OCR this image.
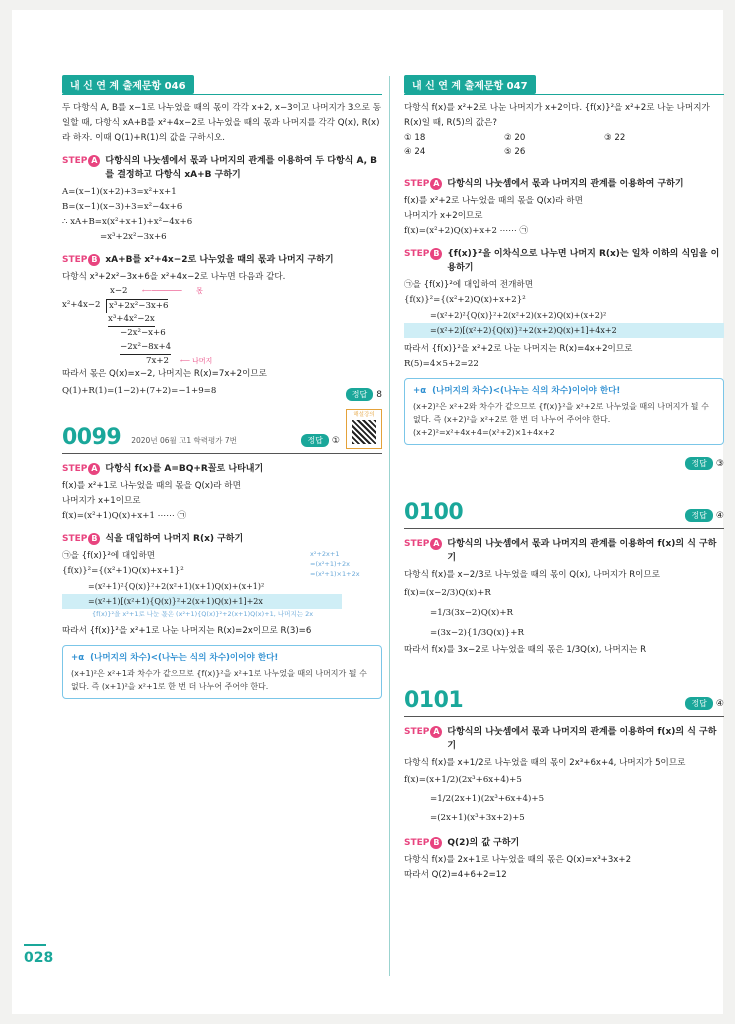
내 신 연 계 출제문항 046

두 다항식 A, B를 x−1로 나누었을 때의 몫이 각각 x+2, x−3이고 나머지가 3으로 동일할 때, 다항식 xA+B를 x²+4x−2로 나누었을 때의 몫과 나머지를 각각 Q(x), R(x)라 하자. 이때 Q(1)+R(1)의 값을 구하시오.

STEP A 다항식의 나눗셈에서 몫과 나머지의 관계를 이용하여 두 다항식 A, B를 결정하고 다항식 xA+B 구하기

A=(x−1)(x+2)+3=x²+x+1

B=(x−1)(x−3)+3=x²−4x+6

∴ xA+B=x(x²+x+1)+x²−4x+6

=x³+2x²−3x+6

STEP B xA+B를 x²+4x−2로 나누었을 때의 몫과 나머지 구하기

다항식 x³+2x²−3x+6을 x²+4x−2로 나누면 다음과 같다.

x−2 ⟵─────── 몫
x²+4x−2 x³+2x²−3x+6
x³+4x²−2x
−2x²−x+6
−2x²−8x+4
7x+2 ⟵ 나머지

따라서 몫은 Q(x)=x−2, 나머지는 R(x)=7x+2이므로

Q(1)+R(1)=(1−2)+(7+2)=−1+9=8	정답 8
0099 2020년 06월 고1 학력평가 7번	정답 ①
해설강의
STEP A 다항식 f(x)를 A=BQ+R꼴로 나타내기

f(x)를 x²+1로 나누었을 때의 몫을 Q(x)라 하면

나머지가 x+1이므로

f(x)=(x²+1)Q(x)+x+1 ⋯⋯ ㉠

STEP B 식을 대입하여 나머지 R(x) 구하기
x²+2x+1
=(x²+1)+2x
=(x²+1)×1+2x

㉠을 {f(x)}²에 대입하면

{f(x)}²={(x²+1)Q(x)+x+1}²

=(x²+1)²{Q(x)}²+2(x²+1)(x+1)Q(x)+(x+1)²

=(x²+1)[(x²+1){Q(x)}²+2(x+1)Q(x)+1]+2x

{f(x)}²을 x²+1로 나눈 몫은 (x²+1){Q(x)}²+2(x+1)Q(x)+1, 나머지는 2x

따라서 {f(x)}²을 x²+1로 나눈 나머지는 R(x)=2x이므로 R(3)=6

+α (나머지의 차수)<(나누는 식의 차수)이어야 한다!

(x+1)²은 x²+1과 차수가 같으므로 {f(x)}²을 x²+1로 나누었을 때의 나머지가 될 수 없다. 즉 (x+1)²을 x²+1로 한 번 더 나누어 주어야 한다.

내 신 연 계 출제문항 047

다항식 f(x)를 x²+2로 나눈 나머지가 x+2이다. {f(x)}²을 x²+2로 나눈 나머지가 R(x)일 때, R(5)의 값은?

① 18	② 20	③ 22
④ 24	⑤ 26
STEP A 다항식의 나눗셈에서 몫과 나머지의 관계를 이용하여 구하기

f(x)를 x²+2로 나누었을 때의 몫을 Q(x)라 하면

나머지가 x+2이므로

f(x)=(x²+2)Q(x)+x+2 ⋯⋯ ㉠

STEP B {f(x)}²을 이차식으로 나누면 나머지 R(x)는 일차 이하의 식임을 이용하기

㉠을 {f(x)}²에 대입하여 전개하면

{f(x)}²={(x²+2)Q(x)+x+2}²

=(x²+2)²{Q(x)}²+2(x²+2)(x+2)Q(x)+(x+2)²

=(x²+2)[(x²+2){Q(x)}²+2(x+2)Q(x)+1]+4x+2

따라서 {f(x)}²을 x²+2로 나눈 나머지는 R(x)=4x+2이므로

R(5)=4×5+2=22

+α (나머지의 차수)<(나누는 식의 차수)이어야 한다!

(x+2)²은 x²+2와 차수가 같으므로 {f(x)}²을 x²+2로 나누었을 때의 나머지가 될 수 없다. 즉 (x+2)²을 x²+2로 한 번 더 나누어 주어야 한다.

(x+2)²=x²+4x+4=(x²+2)×1+4x+2

정답 ③
0100	정답 ④
STEP A 다항식의 나눗셈에서 몫과 나머지의 관계를 이용하여 f(x)의 식 구하기

다항식 f(x)를 x−2/3로 나누었을 때의 몫이 Q(x), 나머지가 R이므로

f(x)=(x−2/3)Q(x)+R

=1/3(3x−2)Q(x)+R

=(3x−2){1/3Q(x)}+R

따라서 f(x)를 3x−2로 나누었을 때의 몫은 1/3Q(x), 나머지는 R

0101	정답 ④
STEP A 다항식의 나눗셈에서 몫과 나머지의 관계를 이용하여 f(x)의 식 구하기

다항식 f(x)를 x+1/2로 나누었을 때의 몫이 2x³+6x+4, 나머지가 5이므로

f(x)=(x+1/2)(2x³+6x+4)+5

=1/2(2x+1)(2x³+6x+4)+5

=(2x+1)(x³+3x+2)+5

STEP B Q(2)의 값 구하기

다항식 f(x)를 2x+1로 나누었을 때의 몫은 Q(x)=x³+3x+2

따라서 Q(2)=4+6+2=12

028
